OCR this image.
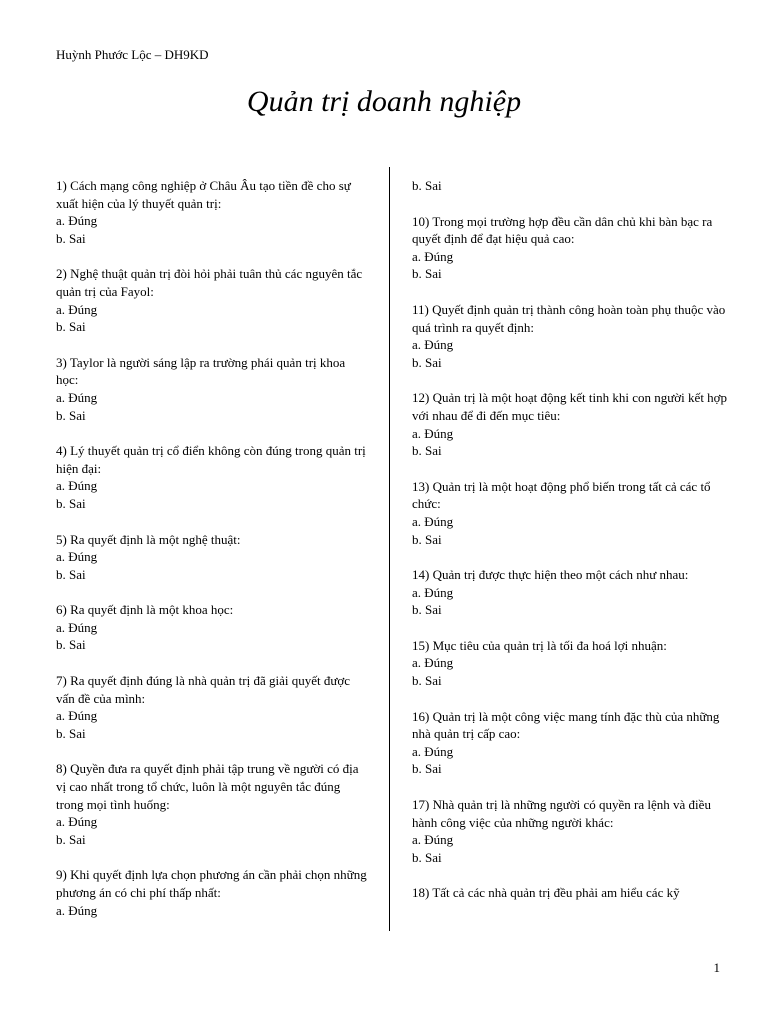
Huỳnh Phước Lộc – DH9KD
Quản trị doanh nghiệp
1) Cách mạng công nghiệp ở Châu Âu tạo tiền đề cho sự xuất hiện của lý thuyết quản trị:
a. Đúng
b. Sai
2) Nghệ thuật quản trị đòi hỏi phải tuân thủ các nguyên tắc quản trị của Fayol:
a. Đúng
b. Sai
3) Taylor là người sáng lập ra trường phái quản trị khoa học:
a. Đúng
b. Sai
4) Lý thuyết quản trị cổ điển không còn đúng trong quản trị hiện đại:
a. Đúng
b. Sai
5) Ra quyết định là một nghệ thuật:
a. Đúng
b. Sai
6) Ra quyết định là một khoa học:
a. Đúng
b. Sai
7) Ra quyết định đúng là nhà quản trị đã giải quyết được vấn đề của mình:
a. Đúng
b. Sai
8) Quyền đưa ra quyết định phải tập trung về người có địa vị cao nhất trong tổ chức, luôn là một nguyên tắc đúng trong mọi tình huống:
a. Đúng
b. Sai
9) Khi quyết định lựa chọn phương án cần phải chọn những phương án có chi phí thấp nhất:
a. Đúng
b. Sai
10) Trong mọi trường hợp đều cần dân chủ khi bàn bạc ra quyết định để đạt hiệu quả cao:
a. Đúng
b. Sai
11) Quyết định quản trị thành công hoàn toàn phụ thuộc vào quá trình ra quyết định:
a. Đúng
b. Sai
12) Quản trị là một hoạt động kết tinh khi con người kết hợp với nhau để đi đến mục tiêu:
a. Đúng
b. Sai
13) Quản trị là một hoạt động phổ biến trong tất cả các tổ chức:
a. Đúng
b. Sai
14) Quản trị được thực hiện theo một cách như nhau:
a. Đúng
b. Sai
15) Mục tiêu của quản trị là tối đa hoá lợi nhuận:
a. Đúng
b. Sai
16) Quản trị là một công việc mang tính đặc thù của những nhà quản trị cấp cao:
a. Đúng
b. Sai
17) Nhà quản trị là những người có quyền ra lệnh và điều hành công việc của những người khác:
a. Đúng
b. Sai
18) Tất cả các nhà quản trị đều phải am hiểu các kỹ
1
